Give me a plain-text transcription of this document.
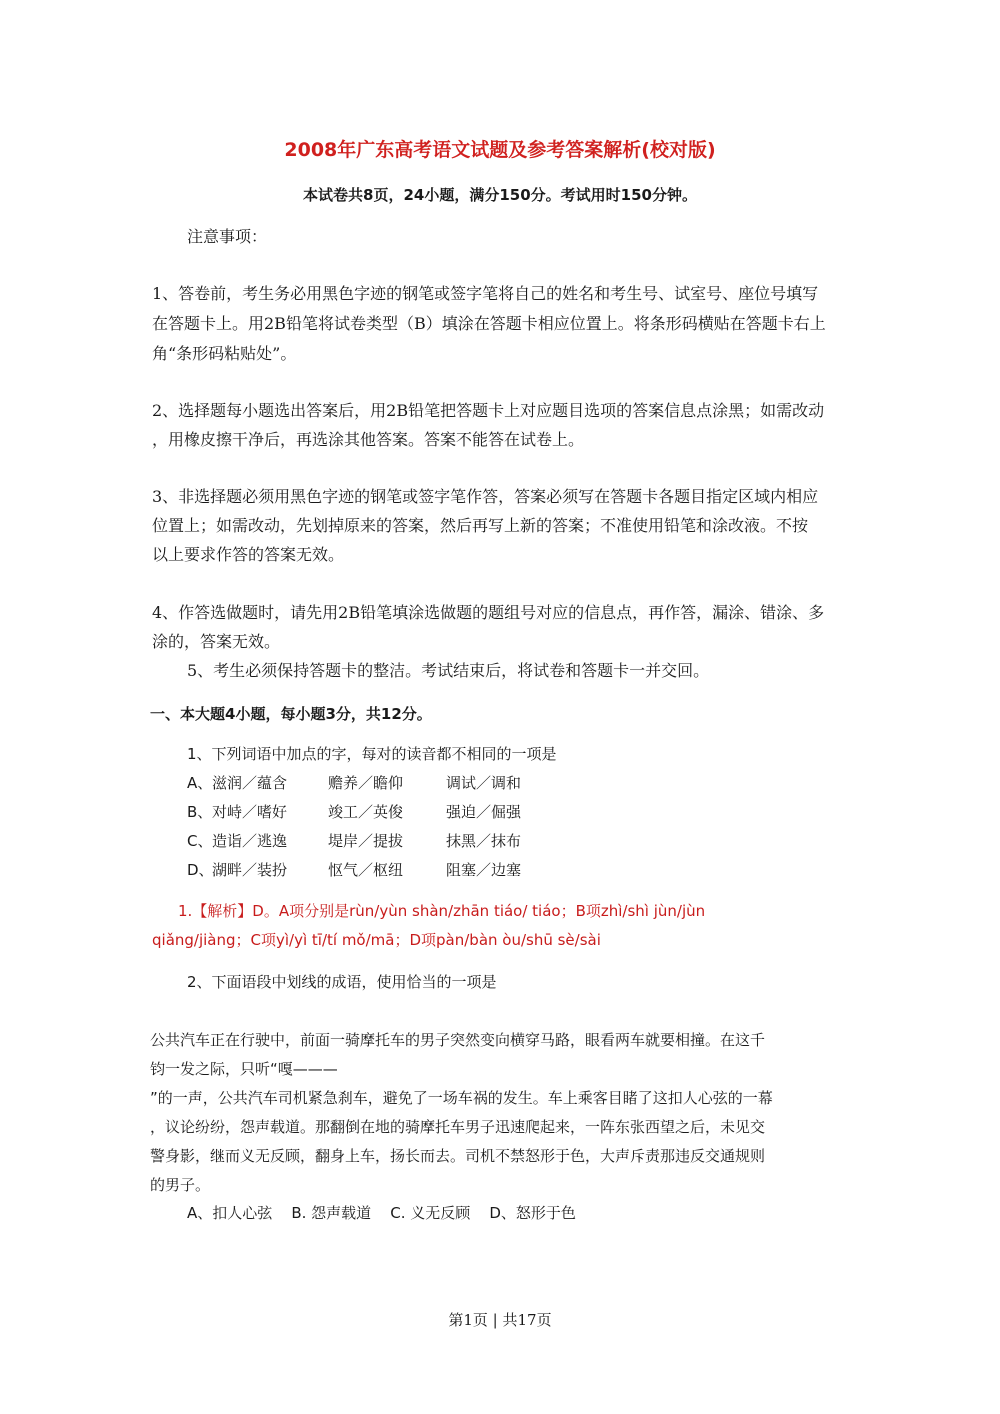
2008年广东高考语文试题及参考答案解析(校对版)
本试卷共8页，24小题，满分150分。考试用时150分钟。
注意事项：
1、答卷前，考生务必用黑色字迹的钢笔或签字笔将自己的姓名和考生号、试室号、座位号填写
在答题卡上。用2B铅笔将试卷类型（B）填涂在答题卡相应位置上。将条形码横贴在答题卡右上
角“条形码粘贴处”。
2、选择题每小题选出答案后，用2B铅笔把答题卡上对应题目选项的答案信息点涂黑；如需改动
，用橡皮擦干净后，再选涂其他答案。答案不能答在试卷上。
3、非选择题必须用黑色字迹的钢笔或签字笔作答，答案必须写在答题卡各题目指定区域内相应
位置上；如需改动，先划掉原来的答案，然后再写上新的答案；不准使用铅笔和涂改液。不按
以上要求作答的答案无效。
4、作答选做题时，请先用2B铅笔填涂选做题的题组号对应的信息点，再作答，漏涂、错涂、多
涂的，答案无效。
5、考生必须保持答题卡的整洁。考试结束后，将试卷和答题卡一并交回。
一、本大题4小题，每小题3分，共12分。
1、下列词语中加点的字，每对的读音都不相同的一项是
A、 滋润／蕴含	赡养／瞻仰	调试／调和
B、 对峙／嗜好	竣工／英俊	强迫／倔强
C、 造诣／逃逸	堤岸／提拔	抹黑／抹布
D、
湖畔／装扮	怄气／枢纽	阻塞／边塞
1.【解析】D。A项分别是rùn/yùn shàn/zhān tiáo/ tiáo；B项zhì/shì jùn/jùn
qiǎng/jiàng；C项yì/yì tī/tí mǒ/mā；D项pàn/bàn òu/shū sè/sài
2、下面语段中划线的成语，使用恰当的一项是
公共汽车正在行驶中，前面一骑摩托车的男子突然变向横穿马路，眼看两车就要相撞。在这千
钧一发之际，只听“嘎———
”的一声，公共汽车司机紧急刹车，避免了一场车祸的发生。车上乘客目睹了这扣人心弦的一幕
，议论纷纷，怨声载道。那翻倒在地的骑摩托车男子迅速爬起来，一阵东张西望之后，未见交
警身影，继而义无反顾，翻身上车，扬长而去。司机不禁怒形于色，大声斥责那违反交通规则
的男子。
A、扣人心弦    B. 怨声载道    C. 义无反顾    D、怒形于色
第1页 | 共17页
